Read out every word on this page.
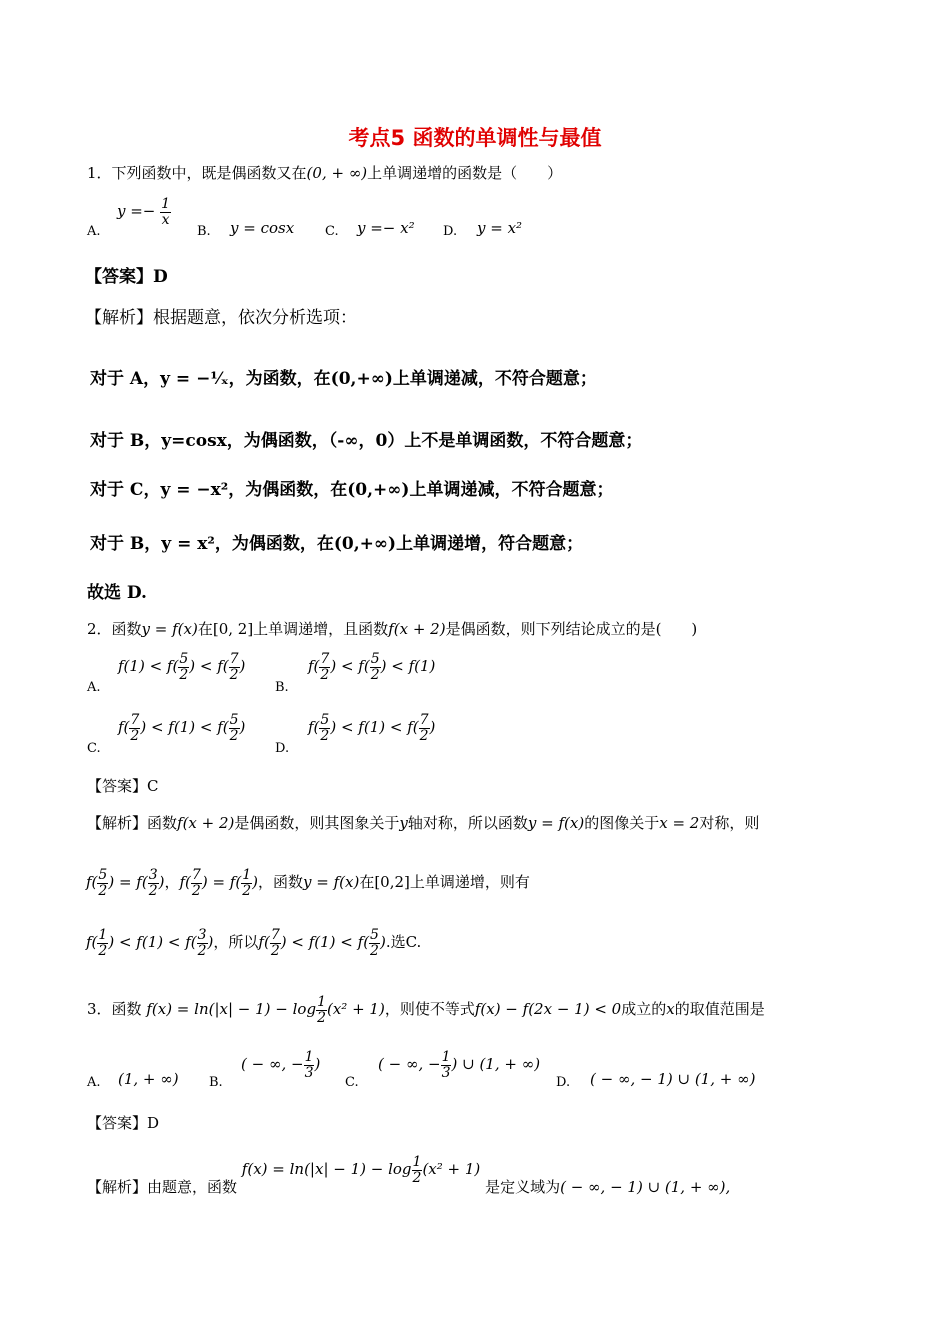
考点5 函数的单调性与最值
1．下列函数中，既是偶函数又在(0, + ∞)上单调递增的函数是（　　）
A.
$y =- \frac{1}{x}$
B. y = cosx C. y =− x² D. y = x²
【答案】D
【解析】根据题意，依次分析选项：
对于 A，y = −¹⁄ₓ，为函数，在(0,+∞)上单调递减，不符合题意；
对于 B，y=cosx，为偶函数，（-∞，0）上不是单调函数，不符合题意；
对于 C，y = −x²，为偶函数，在(0,+∞)上单调递减，不符合题意；
对于 B，y = x²，为偶函数，在(0,+∞)上单调递增，符合题意；
故选 D.
2．函数y = f(x)在[0, 2]上单调递增，且函数f(x + 2)是偶函数，则下列结论成立的是(　　)
A.
$f(1) < f( \frac{5}{2}$ ) < $f( \frac{7}{2}$ )
B.
$f( \frac{7}{2}$ ) < $f( \frac{5}{2}$ ) < f(1)
C.
$f( \frac{7}{2}$ ) < $f(1) < f( \frac{5}{2}$ )
D.
$f( \frac{5}{2}$ ) < $f(1) < f( \frac{7}{2}$ )
【答案】C
【解析】函数f(x + 2)是偶函数，则其图象关于y轴对称，所以函数y = f(x)的图像关于x = 2对称，则
$f( \frac{5}{2}$ ) = $f( \frac{3}{2}$ )，$f( \frac{7}{2}$ ) = $f( \frac{1}{2}$ )，函数y = f(x)在[0,2]上单调递增，则有
$f( \frac{1}{2}$ ) < $f(1) < f( \frac{3}{2}$ )，所以$f( \frac{7}{2}$ ) < $f(1) < f( \frac{5}{2}$ ).选C.
3．函数 $f(x) = \ln(|x| - 1) - \log \frac{1}{2} (x^2 + 1)$，则使不等式f(x) − f(2x − 1) < 0成立的x的取值范围是
A. (1, + ∞) B.
( − ∞, − $\frac{1}{3}$ )
C.
( − ∞, − $\frac{1}{3}$ ) ∪ (1, + ∞)
D. ( − ∞, − 1) ∪ (1, + ∞)
【答案】D
【解析】由题意，函数 $f(x) = \ln(|x| - 1) - \log \frac{1}{2} (x^2 + 1)$ 是定义域为( − ∞, − 1) ∪ (1, + ∞),
